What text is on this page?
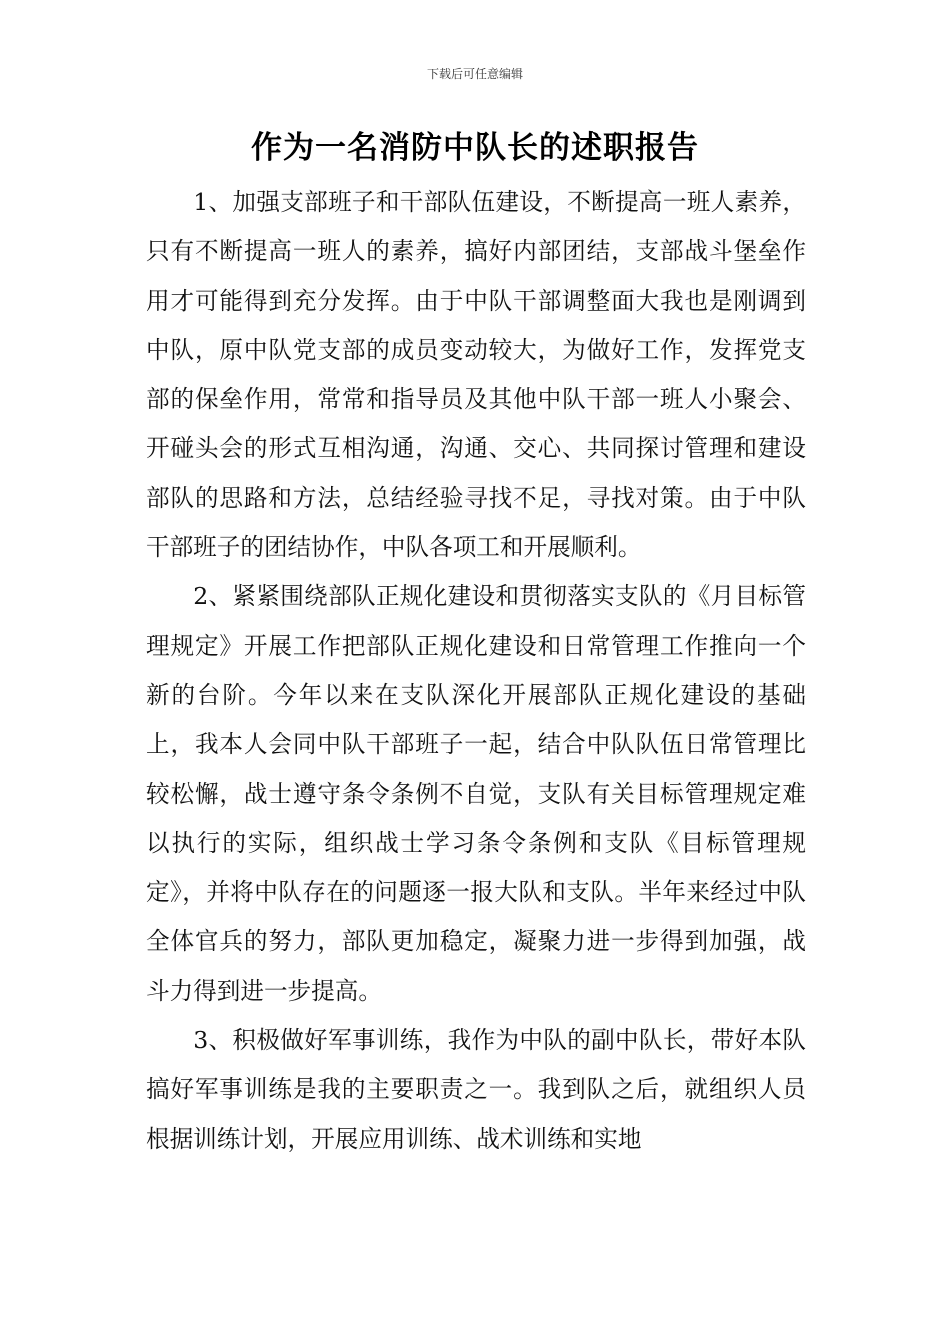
下载后可任意编辑
作为一名消防中队长的述职报告

1、加强支部班子和干部队伍建设，不断提高一班人素养，只有不断提高一班人的素养，搞好内部团结，支部战斗堡垒作用才可能得到充分发挥。由于中队干部调整面大我也是刚调到中队，原中队党支部的成员变动较大，为做好工作，发挥党支部的保垒作用，常常和指导员及其他中队干部一班人小聚会、开碰头会的形式互相沟通，沟通、交心、共同探讨管理和建设部队的思路和方法，总结经验寻找不足，寻找对策。由于中队干部班子的团结协作，中队各项工和开展顺利。

2、紧紧围绕部队正规化建设和贯彻落实支队的《月目标管理规定》开展工作把部队正规化建设和日常管理工作推向一个新的台阶。今年以来在支队深化开展部队正规化建设的基础上，我本人会同中队干部班子一起，结合中队队伍日常管理比较松懈，战士遵守条令条例不自觉，支队有关目标管理规定难以执行的实际，组织战士学习条令条例和支队《目标管理规定》，并将中队存在的问题逐一报大队和支队。半年来经过中队全体官兵的努力，部队更加稳定，凝聚力进一步得到加强，战斗力得到进一步提高。

3、积极做好军事训练，我作为中队的副中队长，带好本队搞好军事训练是我的主要职责之一。我到队之后，就组织人员根据训练计划，开展应用训练、战术训练和实地
